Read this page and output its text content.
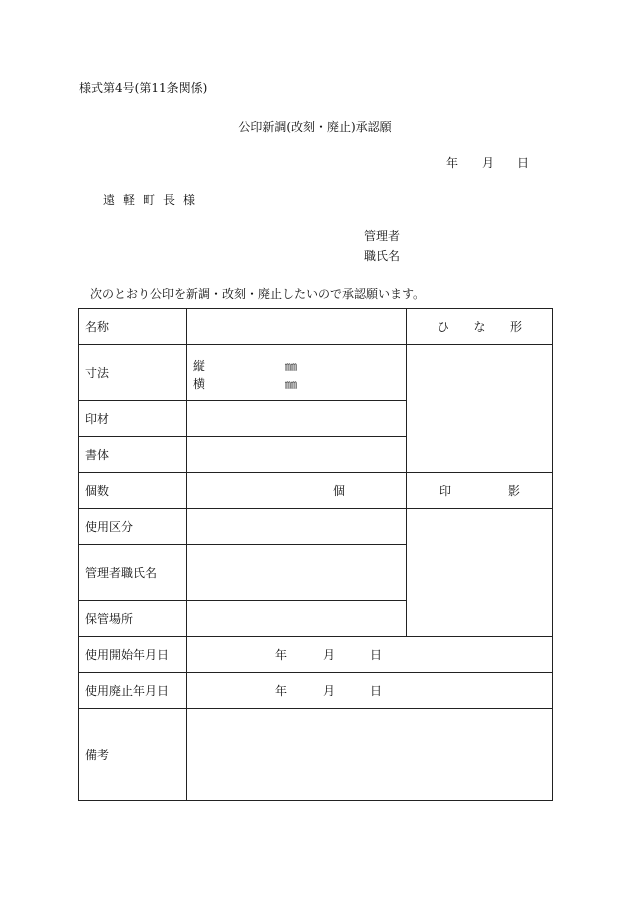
様式第4号(第11条関係)
公印新調(改刻・廃止)承認願
年 月 日
遠軽町長様
管理者
職氏名
次のとおり公印を新調・改刻・廃止したいので承認願います。
名称		ひ な 形

寸法	縦 ㎜
横 ㎜	

印材		
書体		
個数	個	印 影

使用区分		
管理者職氏名		
保管場所		
使用開始年月日	年 月 日	

使用廃止年月日	年 月 日	

備考		
